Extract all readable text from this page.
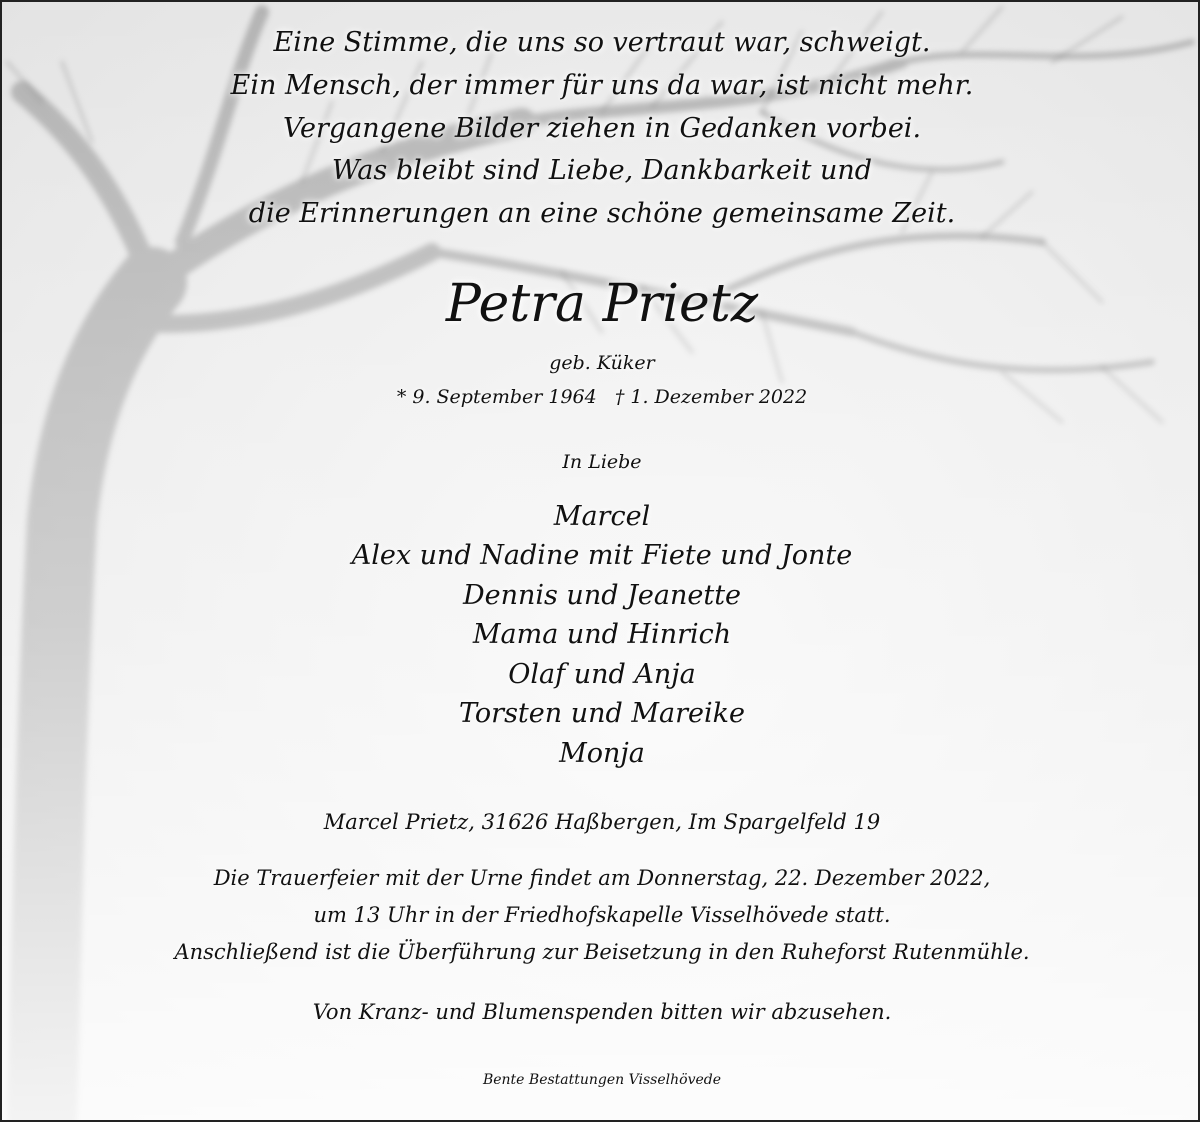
Eine Stimme, die uns so vertraut war, schweigt.
Ein Mensch, der immer für uns da war, ist nicht mehr.
Vergangene Bilder ziehen in Gedanken vorbei.
Was bleibt sind Liebe, Dankbarkeit und
die Erinnerungen an eine schöne gemeinsame Zeit.
Petra Prietz
geb. Küker
* 9. September 1964   † 1. Dezember 2022
In Liebe
Marcel
Alex und Nadine mit Fiete und Jonte
Dennis und Jeanette
Mama und Hinrich
Olaf und Anja
Torsten und Mareike
Monja
Marcel Prietz, 31626 Haßbergen, Im Spargelfeld 19
Die Trauerfeier mit der Urne findet am Donnerstag, 22. Dezember 2022,
um 13 Uhr in der Friedhofskapelle Visselhövede statt.
Anschließend ist die Überführung zur Beisetzung in den Ruheforst Rutenmühle.
Von Kranz- und Blumenspenden bitten wir abzusehen.
Bente Bestattungen Visselhövede
